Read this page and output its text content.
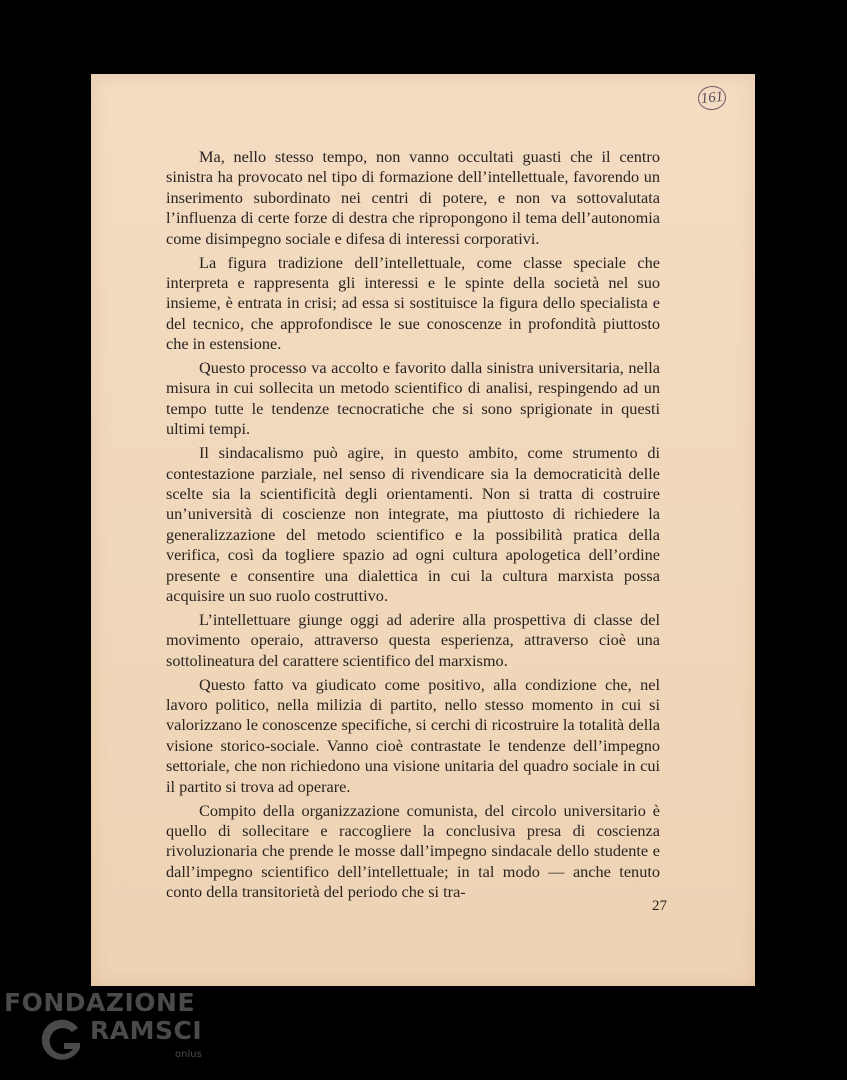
161

Ma, nello stesso tempo, non vanno occultati guasti che il centro sinistra ha provocato nel tipo di formazione dell’intellettuale, favorendo un inserimento subordinato nei centri di potere, e non va sottovalutata l’influenza di certe forze di destra che ripropongono il tema dell’autonomia come disimpegno sociale e difesa di interessi corporativi.

La figura tradizione dell’intellettuale, come classe speciale che interpreta e rappresenta gli interessi e le spinte della società nel suo insieme, è entrata in crisi; ad essa si sostituisce la figura dello specialista e del tecnico, che approfondisce le sue conoscenze in profondità piuttosto che in estensione.

Questo processo va accolto e favorito dalla sinistra universitaria, nella misura in cui sollecita un metodo scientifico di analisi, respingendo ad un tempo tutte le tendenze tecnocratiche che si sono sprigionate in questi ultimi tempi.

Il sindacalismo può agire, in questo ambito, come strumento di contestazione parziale, nel senso di rivendicare sia la democraticità delle scelte sia la scientificità degli orientamenti. Non si tratta di costruire un’università di coscienze non integrate, ma piuttosto di richiedere la generalizzazione del metodo scientifico e la possibilità pratica della verifica, così da togliere spazio ad ogni cultura apologetica dell’ordine presente e consentire una dialettica in cui la cultura marxista possa acquisire un suo ruolo costruttivo.

L’intellettuare giunge oggi ad aderire alla prospettiva di classe del movimento operaio, attraverso questa esperienza, attraverso cioè una sottolineatura del carattere scientifico del marxismo.

Questo fatto va giudicato come positivo, alla condizione che, nel lavoro politico, nella milizia di partito, nello stesso momento in cui si valorizzano le conoscenze specifiche, si cerchi di ricostruire la totalità della visione storico-sociale. Vanno cioè contrastate le tendenze dell’impegno settoriale, che non richiedono una visione unitaria del quadro sociale in cui il partito si trova ad operare.

Compito della organizzazione comunista, del circolo universitario è quello di sollecitare e raccogliere la conclusiva presa di coscienza rivoluzionaria che prende le mosse dall’impegno sindacale dello studente e dall’impegno scientifico dell’intellettuale; in tal modo — anche tenuto conto della transitorietà del periodo che si tra-

27
FONDAZIONE
RAMSCI
onlus
